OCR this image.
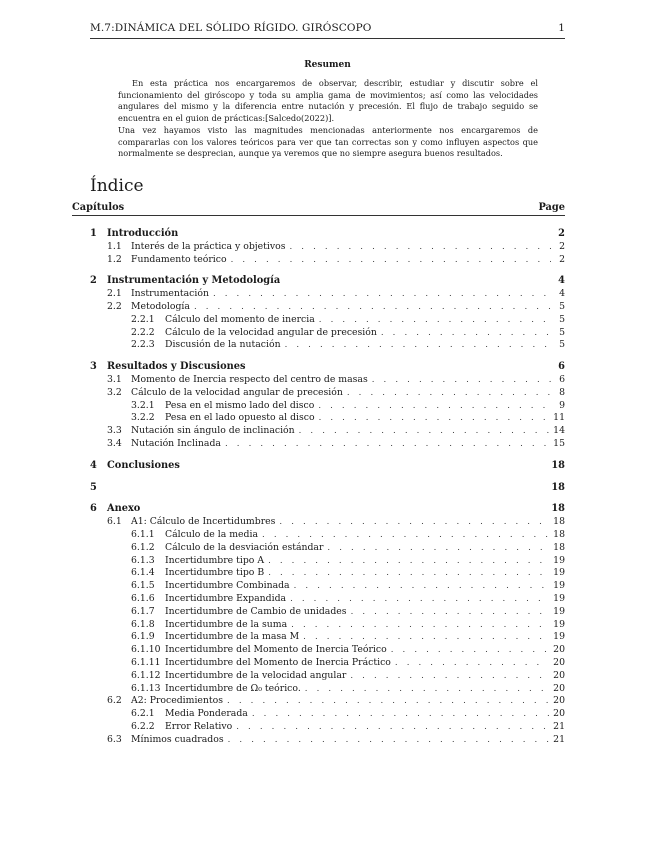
M.7:DINÁMICA DEL SÓLIDO RÍGIDO. GIRÓSCOPO	1
Resumen

En esta práctica nos encargaremos de observar, describir, estudiar y discutir sobre el funcionamiento del giróscopo y toda su amplia gama de movimientos; así como las velocidades angulares del mismo y la diferencia entre nutación y precesión. El flujo de trabajo seguido se encuentra en el guion de prácticas:[Salcedo(2022)].

Una vez hayamos visto las magnitudes mencionadas anteriormente nos encargaremos de compararlas con los valores teóricos para ver que tan correctas son y como influyen aspectos que normalmente se desprecian, aunque ya veremos que no siempre asegura buenos resultados.

Índice
Capítulos	Page
1	Introducción	2
1.1 Interés de la práctica y objetivos . . .	2
1.2 Fundamento teórico . . .	2
2	Instrumentación y Metodología	4
2.1 Instrumentación . . .	4
2.2 Metodología . . .	5
2.2.1	Cálculo del momento de inercia . . .	5
2.2.2	Cálculo de la velocidad angular de precesión . . .	5
2.2.3	Discusión de la nutación . . .	5
3	Resultados y Discusiones	6
3.1 Momento de Inercia respecto del centro de masas . . .	6
3.2 Cálculo de la velocidad angular de precesión . . .	8
3.2.1	Pesa en el mismo lado del disco . . .	9
3.2.2	Pesa en el lado opuesto al disco . . .	11
3.3 Nutación sin ángulo de inclinación . . .	14
3.4 Nutación Inclinada . . .	15
4	Conclusiones	18
5	18
6	Anexo	18
6.1 A1: Cálculo de Incertidumbres . . .	18
6.1.1	Cálculo de la media . . .	18
6.1.2	Cálculo de la desviación estándar . . .	18
6.1.3	Incertidumbre tipo A . . .	19
6.1.4	Incertidumbre tipo B . . .	19
6.1.5	Incertidumbre Combinada . . .	19
6.1.6	Incertidumbre Expandida . . .	19
6.1.7	Incertidumbre de Cambio de unidades . . .	19
6.1.8	Incertidumbre de la suma . . .	19
6.1.9	Incertidumbre de la masa M . . .	19
6.1.10 Incertidumbre del Momento de Inercia Teórico . . .	20
6.1.11 Incertidumbre del Momento de Inercia Práctico . . .	20
6.1.12 Incertidumbre de la velocidad angular . . .	20
6.1.13 Incertidumbre de Ω₀ teórico. . . .	20
6.2 A2: Procedimientos . . .	20
6.2.1	Media Ponderada . . .	20
6.2.2	Error Relativo . . .	21
6.3 Mínimos cuadrados . . .	21
